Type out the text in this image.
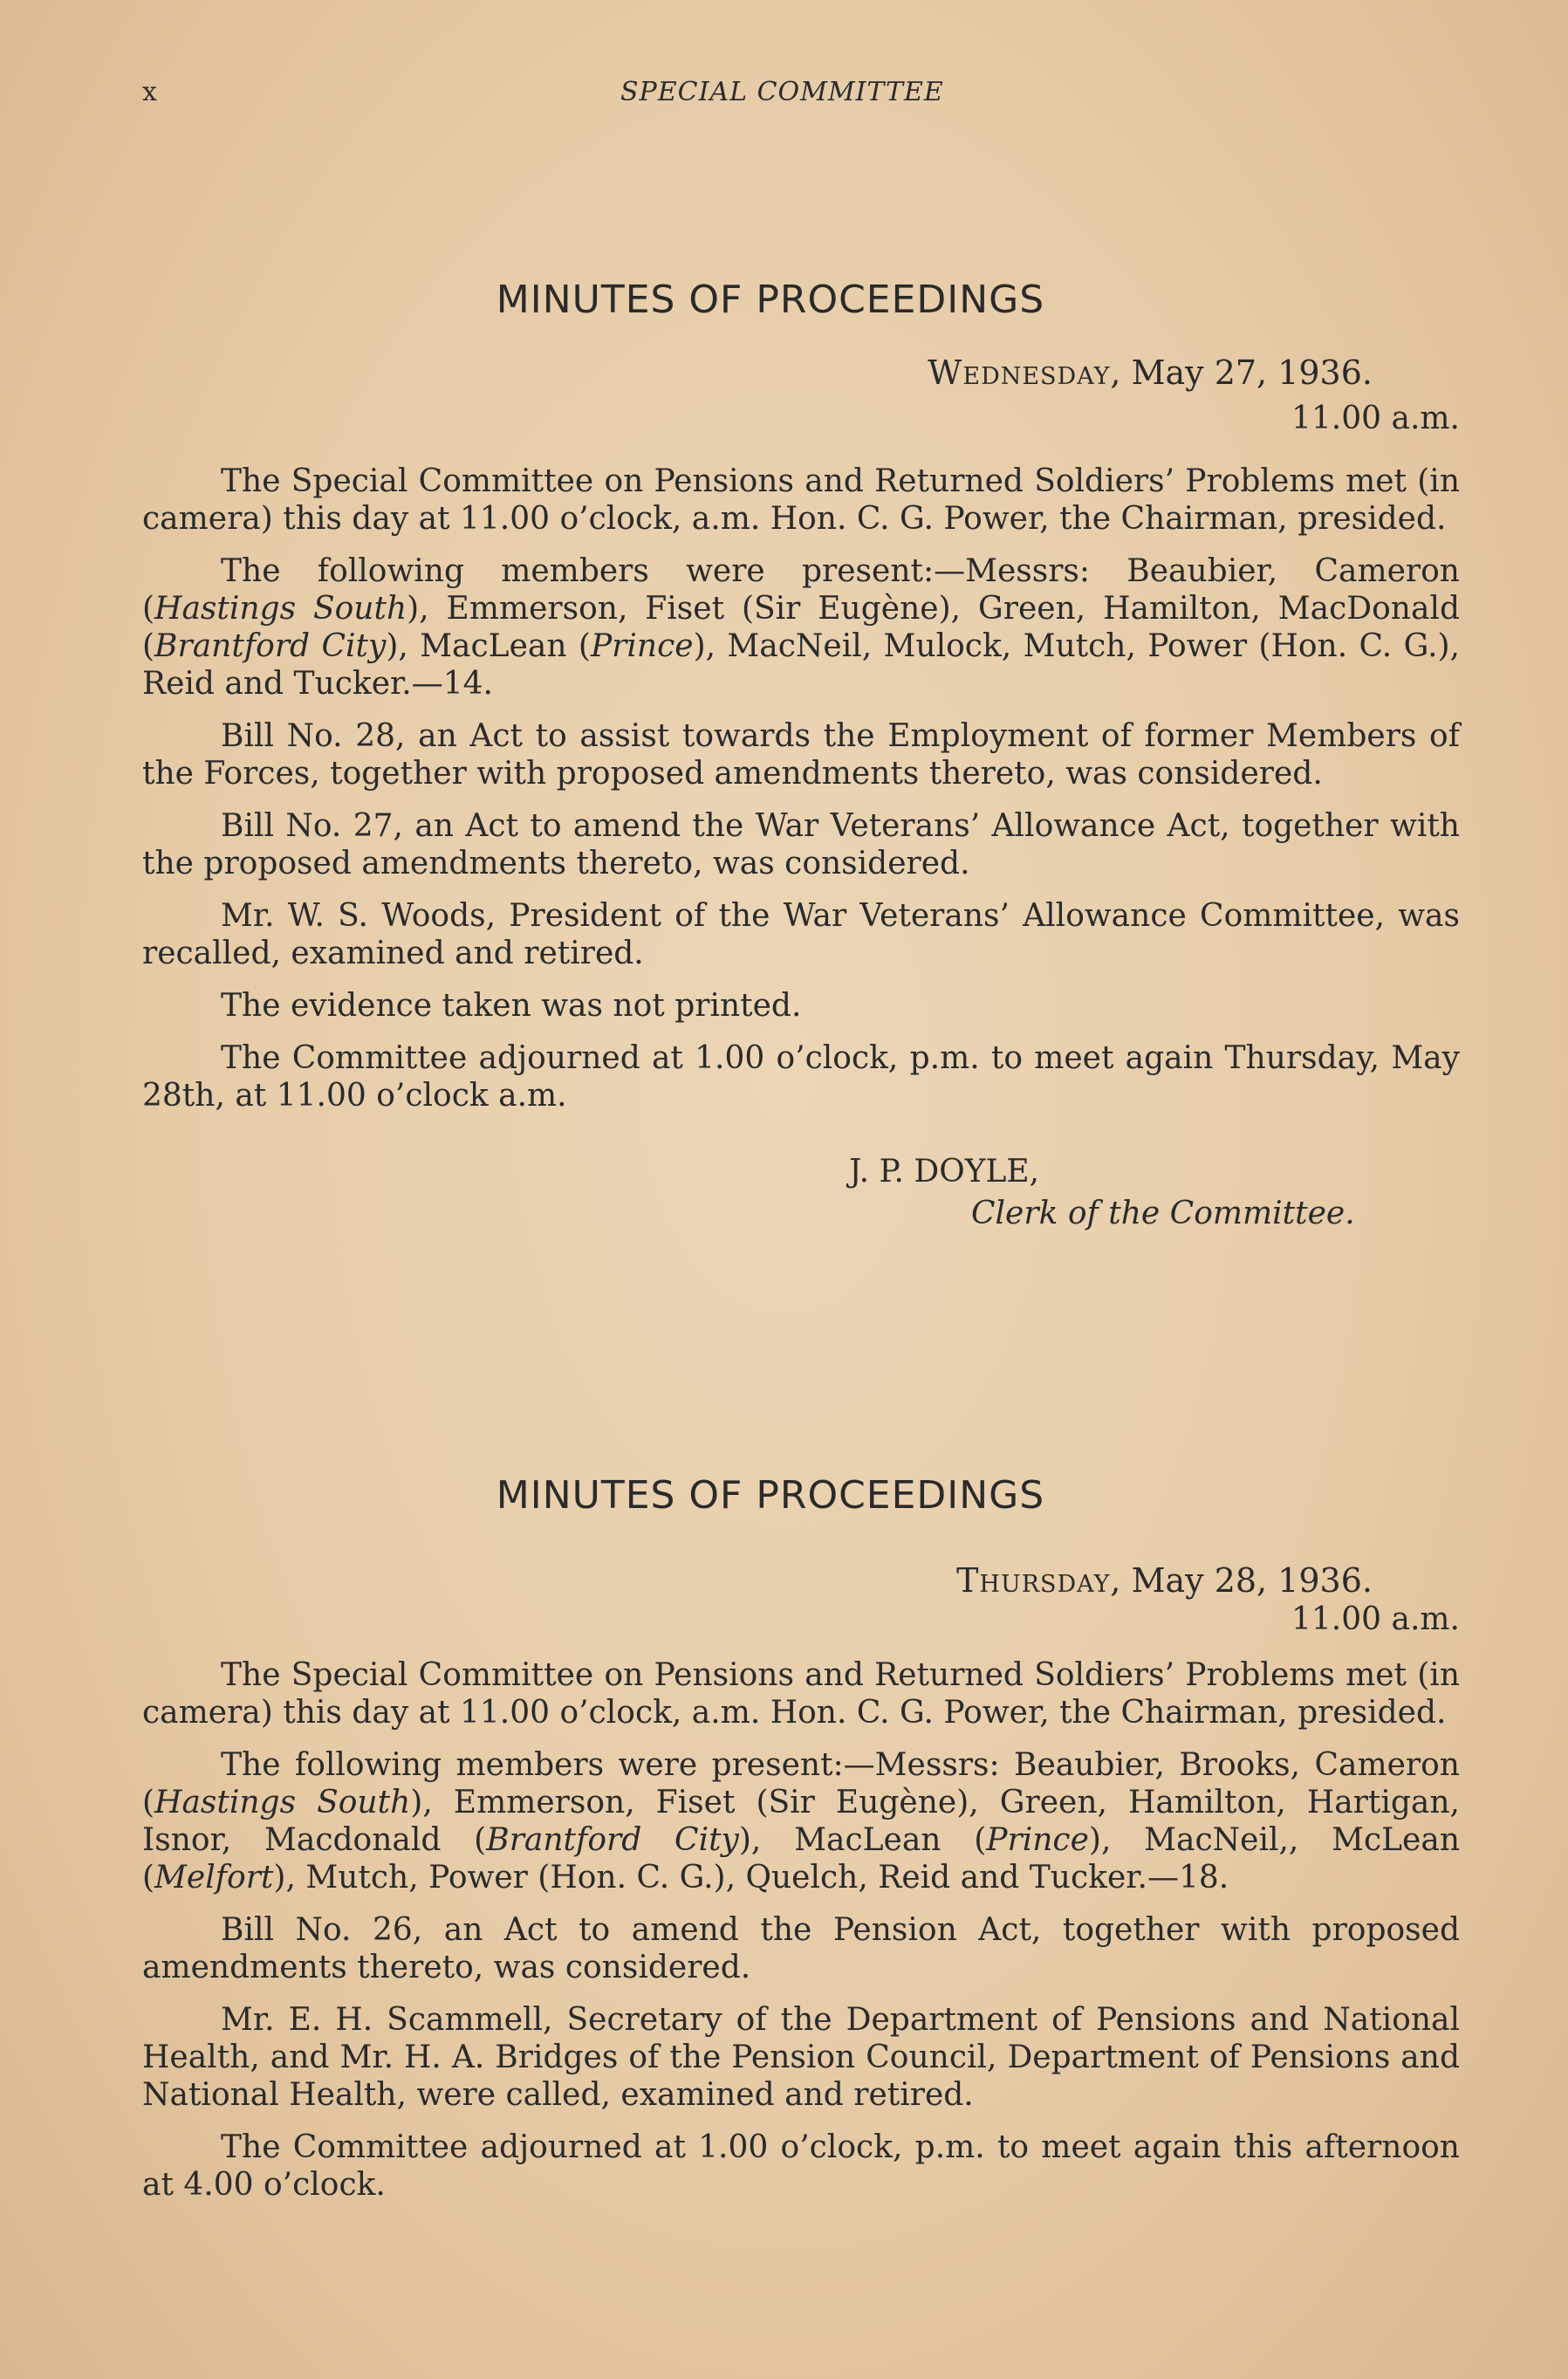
x	SPECIAL COMMITTEE
MINUTES OF PROCEEDINGS
Wednesday, May 27, 1936.
11.00 a.m.

The Special Committee on Pensions and Returned Soldiers’ Problems met (in camera) this day at 11.00 o’clock, a.m. Hon. C. G. Power, the Chairman, presided.

The following members were present:—Messrs: Beaubier, Cameron (Hastings South), Emmerson, Fiset (Sir Eugène), Green, Hamilton, MacDonald (Brantford City), MacLean (Prince), MacNeil, Mulock, Mutch, Power (Hon. C. G.), Reid and Tucker.—14.

Bill No. 28, an Act to assist towards the Employment of former Members of the Forces, together with proposed amendments thereto, was considered.

Bill No. 27, an Act to amend the War Veterans’ Allowance Act, together with the proposed amendments thereto, was considered.

Mr. W. S. Woods, President of the War Veterans’ Allowance Committee, was recalled, examined and retired.

The evidence taken was not printed.

The Committee adjourned at 1.00 o’clock, p.m. to meet again Thursday, May 28th, at 11.00 o’clock a.m.

J. P. DOYLE,
Clerk of the Committee.
MINUTES OF PROCEEDINGS
Thursday, May 28, 1936.
11.00 a.m.

The Special Committee on Pensions and Returned Soldiers’ Problems met (in camera) this day at 11.00 o’clock, a.m. Hon. C. G. Power, the Chairman, presided.

The following members were present:—Messrs: Beaubier, Brooks, Cameron (Hastings South), Emmerson, Fiset (Sir Eugène), Green, Hamilton, Hartigan, Isnor, Macdonald (Brantford City), MacLean (Prince), MacNeil,, McLean (Melfort), Mutch, Power (Hon. C. G.), Quelch, Reid and Tucker.—18.

Bill No. 26, an Act to amend the Pension Act, together with proposed amendments thereto, was considered.

Mr. E. H. Scammell, Secretary of the Department of Pensions and National Health, and Mr. H. A. Bridges of the Pension Council, Department of Pensions and National Health, were called, examined and retired.

The Committee adjourned at 1.00 o’clock, p.m. to meet again this afternoon at 4.00 o’clock.
